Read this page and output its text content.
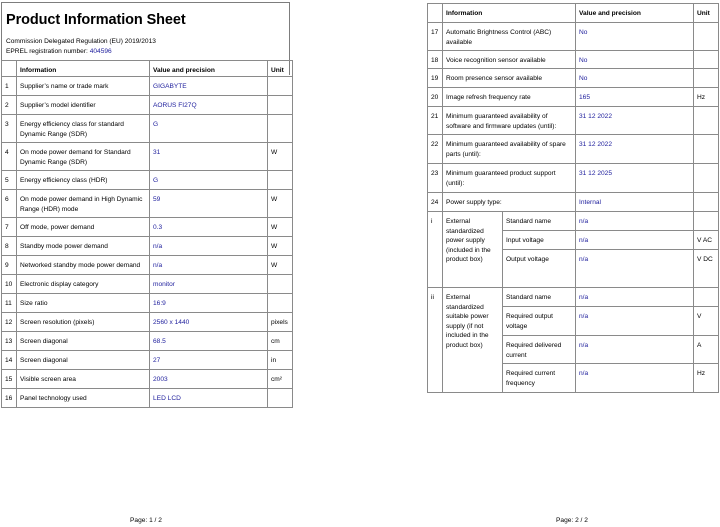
Product Information Sheet
Commission Delegated Regulation (EU) 2019/2013
EPREL registration number: 404596
	Information	Value and precision	Unit
1	Supplier’s name or trade mark	GIGABYTE	
2	Supplier’s model identifier	AORUS FI27Q	
3	Energy efficiency class for standard Dynamic Range (SDR)	G	
4	On mode power demand for Standard Dynamic Range (SDR)	31	W
5	Energy efficiency class (HDR)	G	
6	On mode power demand in High Dynamic Range (HDR) mode	59	W
7	Off mode, power demand	0.3	W
8	Standby mode power demand	n/a	W
9	Networked standby mode power demand	n/a	W
10	Electronic display category	monitor	
11	Size ratio	16:9	
12	Screen resolution (pixels)	2560 x 1440	pixels
13	Screen diagonal	68.5	cm
14	Screen diagonal	27	in
15	Visible screen area	2003	cm²
16	Panel technology used	LED LCD	
Page: 1 / 2
	Information		Value and precision	Unit
17	Automatic Brightness Control (ABC) available		No	
18	Voice recognition sensor available		No	
19	Room presence sensor available		No	
20	Image refresh frequency rate		165	Hz
21	Minimum guaranteed availability of software and firmware updates (until):		31 12 2022	
22	Minimum guaranteed availability of spare parts (until):		31 12 2022	
23	Minimum guaranteed product support (until):		31 12 2025	
24	Power supply type:		Internal	
i	External standardized power supply (included in the product box)	Standard name	n/a	
		Input voltage	n/a	V AC
		Output voltage	n/a	V DC
ii	External standardized suitable power supply (if not included in the product box)	Standard name	n/a	
		Required output voltage	n/a	V
		Required delivered current	n/a	A
		Required current frequency	n/a	Hz
Page: 2 / 2
